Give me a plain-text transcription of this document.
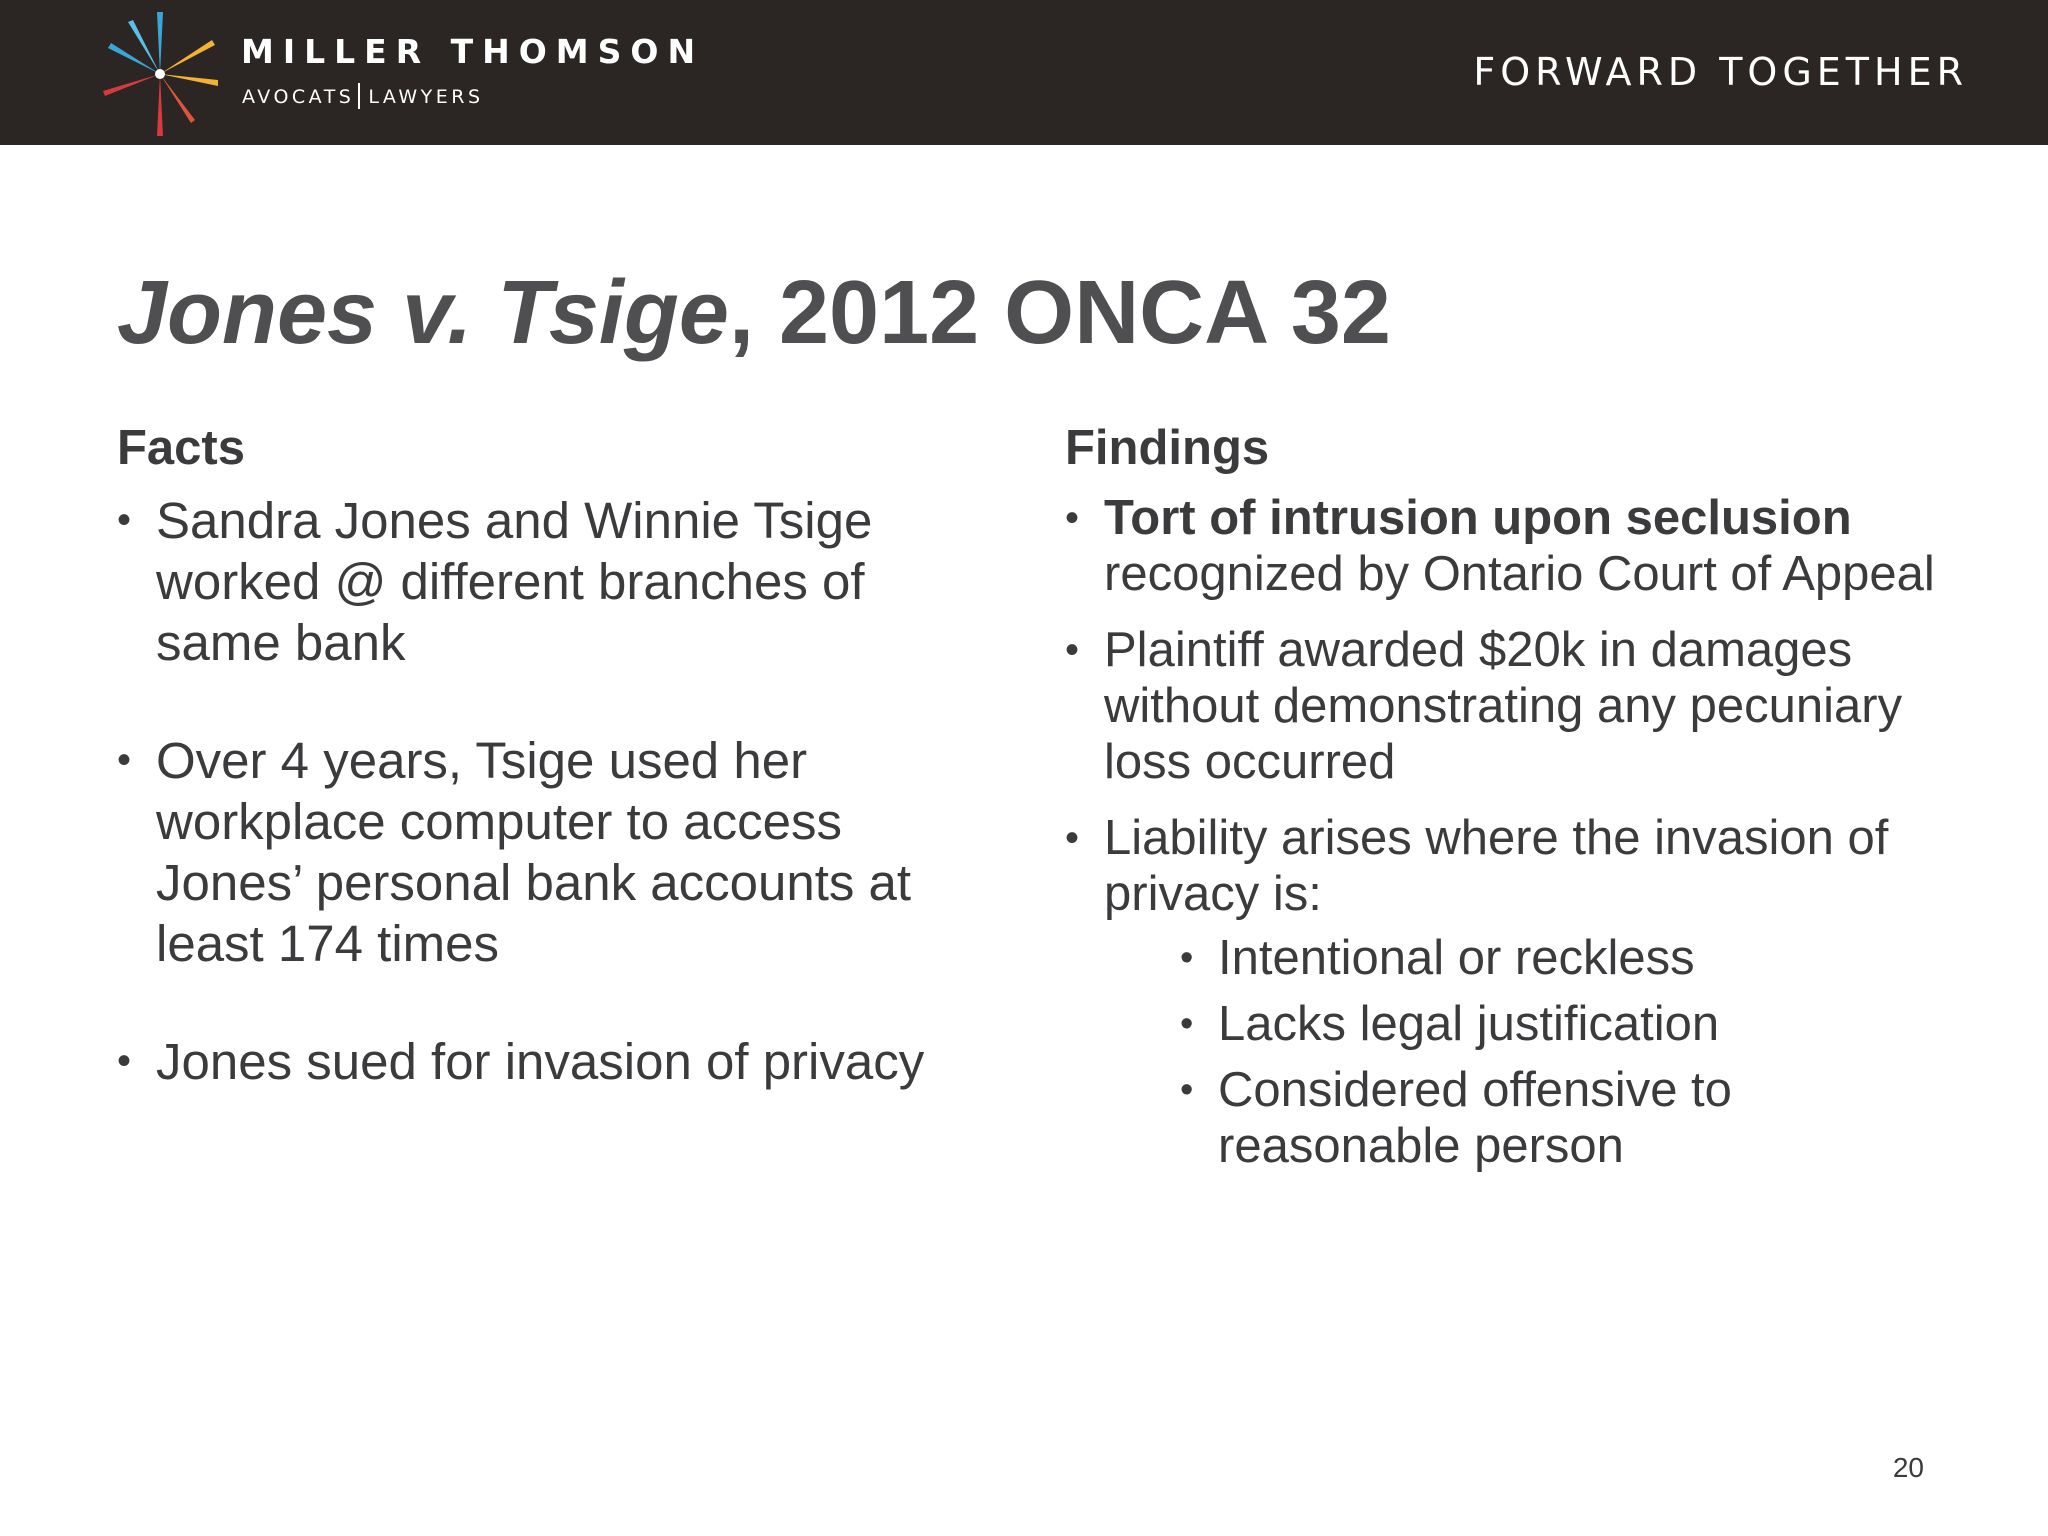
MILLER THOMSON
AVOCATS LAWYERS
FORWARD TOGETHER
Jones v. Tsige, 2012 ONCA 32
Facts
• Sandra Jones and Winnie Tsige worked @ different branches of same bank
• Over 4 years, Tsige used her workplace computer to access Jones’ personal bank accounts at least 174 times
• Jones sued for invasion of privacy
Findings
• Tort of intrusion upon seclusion recognized by Ontario Court of Appeal
• Plaintiff awarded $20k in damages without demonstrating any pecuniary loss occurred
• Liability arises where the invasion of privacy is:
• Intentional or reckless
• Lacks legal justification
• Considered offensive to reasonable person
20
